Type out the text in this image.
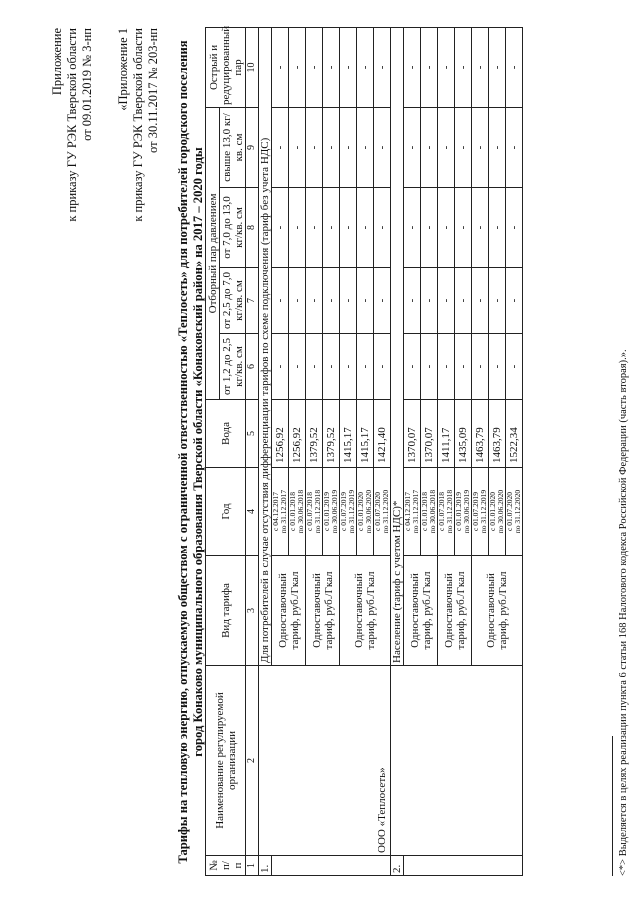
Приложение к приказу ГУ РЭК Тверской области от 09.01.2019 № 3-нп «Приложение 1 к приказу ГУ РЭК Тверской области от 30.11.2017 № 203-нп Тарифы на тепловую энергию, отпускаемую обществом с ограниченной ответственностью «Теплосеть» для потребителей городского поселения город Конаково муниципального образования Тверской области «Конаковский район» на 2017 – 2020 годы
№ п/ п	Наименование регулируемой организации	Вид тарифа	Год	Вода	Отборный пар давлением				Острый и редуцированный пар
					от 1,2 до 2,5 кг/кв. см	от 2,5 до 7,0 кг/кв. см	от 7,0 до 13,0 кг/кв. см	свыше 13,0 кг/кв. см	
1	2	3	4	5	6	7	8	9	10
1.	ООО «Теплосеть»	Для потребителей в случае отсутствия дифференциации тарифов по схеме подключения (тариф без учета НДС)							
		Одноставочный тариф, руб./Гкал	с 04.12.2017 по 31.12.2017	1256,92	-	-	-	-	-

			с 01.01.2018 по 30.06.2018	1256,92	-	-	-	-	-
		Одноставочный тариф, руб./Гкал	с 01.07.2018 по 31.12.2018	1379,52	-	-	-	-	-

			с 01.01.2019 по 30.06.2019	1379,52	-	-	-	-	-
		Одноставочный тариф, руб./Гкал	с 01.07.2019 по 31.12.2019	1415,17	-	-	-	-	-

			с 01.01.2020 по 30.06.2020	1415,17	-	-	-	-	-

			с 01.07.2020 по 31.12.2020	1421,40	-	-	-	-	-
2.		Население (тариф с учетом НДС)*							
		Одноставочный тариф, руб./Гкал	с 04.12.2017 по 31.12.2017	1370,07	-	-	-	-	-

			с 01.01.2018 по 30.06.2018	1370,07	-	-	-	-	-
		Одноставочный тариф, руб./Гкал	с 01.07.2018 по 31.12.2018	1411,17	-	-	-	-	-

			с 01.01.2019 по 30.06.2019	1435,09	-	-	-	-	-
		Одноставочный тариф, руб./Гкал	с 01.07.2019 по 31.12.2019	1463,79	-	-	-	-	-

			с 01.01.2020 по 30.06.2020	1463,79	-	-	-	-	-

			с 01.07.2020 по 31.12.2020	1522,34	-	-	-	-	-
<*> Выделяется в целях реализации пункта 6 статьи 168 Налогового кодекса Российской Федерации (часть вторая).».
